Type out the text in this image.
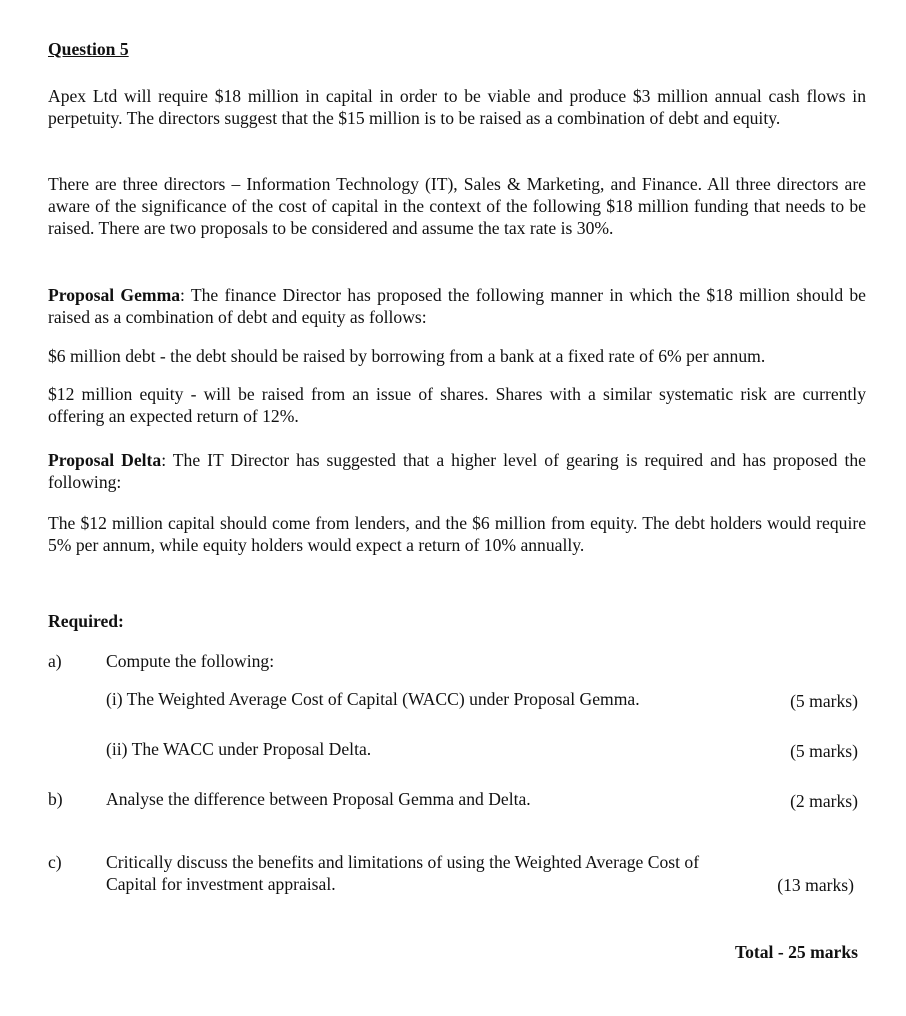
Question 5
Apex Ltd will require $18 million in capital in order to be viable and produce $3 million annual cash flows in perpetuity. The directors suggest that the $15 million is to be raised as a combination of debt and equity.
There are three directors – Information Technology (IT), Sales & Marketing, and Finance. All three directors are aware of the significance of the cost of capital in the context of the following $18 million funding that needs to be raised. There are two proposals to be considered and assume the tax rate is 30%.
Proposal Gemma: The finance Director has proposed the following manner in which the $18 million should be raised as a combination of debt and equity as follows:
$6 million debt - the debt should be raised by borrowing from a bank at a fixed rate of 6% per annum.
$12 million equity - will be raised from an issue of shares. Shares with a similar systematic risk are currently offering an expected return of 12%.
Proposal Delta: The IT Director has suggested that a higher level of gearing is required and has proposed the following:
The $12 million capital should come from lenders, and the $6 million from equity. The debt holders would require 5% per annum, while equity holders would expect a return of 10% annually.
Required:
a)	Compute the following:
(i) The Weighted Average Cost of Capital (WACC) under Proposal Gemma.	(5 marks)
(ii) The WACC under Proposal Delta.	(5 marks)
b) Analyse the difference between Proposal Gemma and Delta.	(2 marks)
c)	Critically discuss the benefits and limitations of using the Weighted Average Cost of Capital for investment appraisal.	(13 marks)
Total - 25 marks
